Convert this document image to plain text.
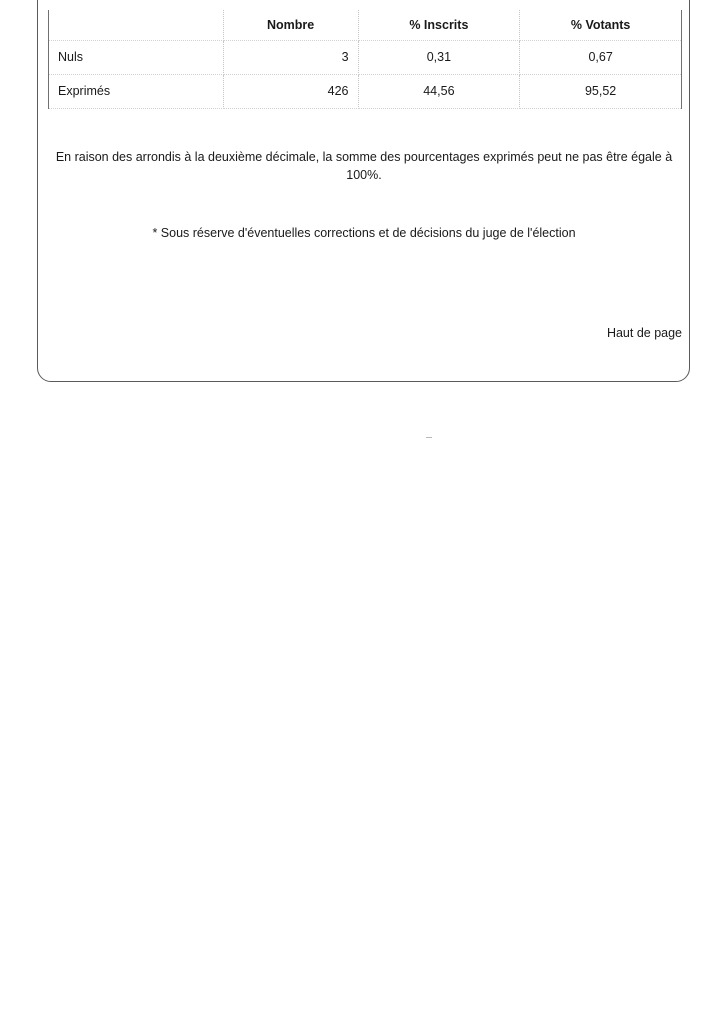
	Nombre	% Inscrits	% Votants
Nuls	3	0,31	0,67
Exprimés	426	44,56	95,52
En raison des arrondis à la deuxième décimale, la somme des pourcentages exprimés peut ne pas être égale à 100%.
* Sous réserve d'éventuelles corrections et de décisions du juge de l'élection
Haut de page
